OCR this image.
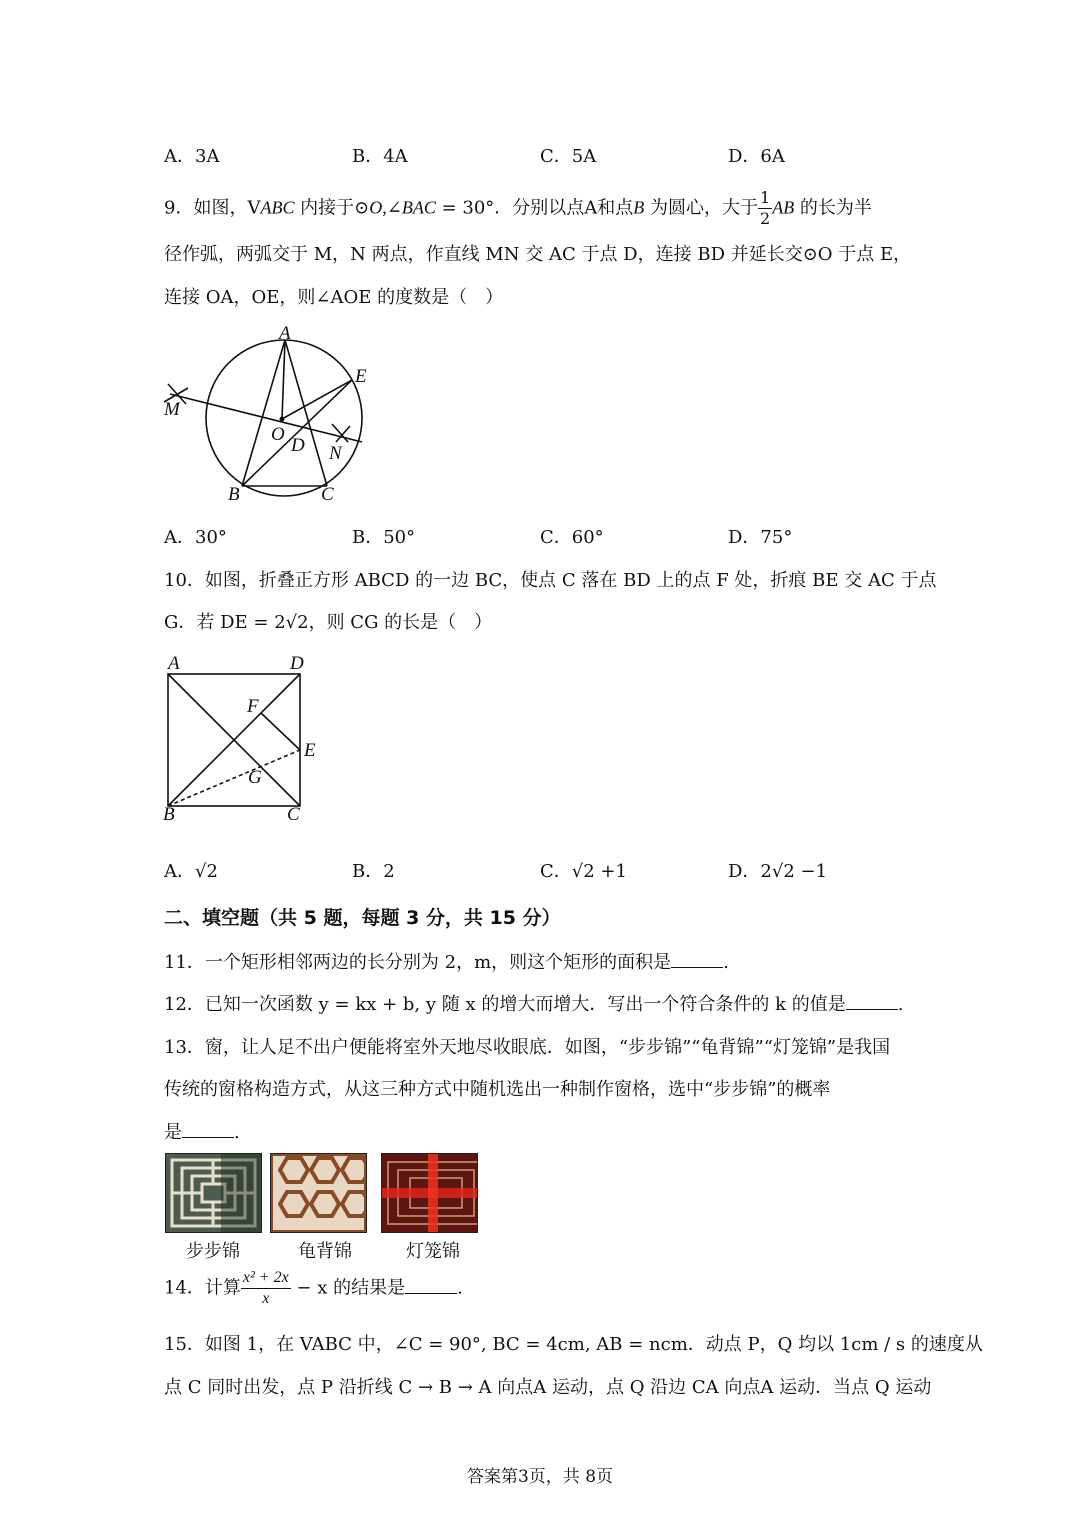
A．3A	B．4A	C．5A	D．6A
9．如图，VABC 内接于⊙O,∠BAC = 30°．分别以点A和点B 为圆心，大于 $\frac{1}{2}$ AB 的长为半
径作弧，两弧交于 M，N 两点，作直线 MN 交 AC 于点 D，连接 BD 并延长交⊙O 于点 E，
连接 OA，OE，则∠AOE 的度数是（　）
A
E
M
O
D N
B	C
A．30°	B．50°	C．60°	D．75°
10．如图，折叠正方形 ABCD 的一边 BC，使点 C 落在 BD 上的点 F 处，折痕 BE 交 AC 于点
G．若 DE = 2√2，则 CG 的长是（　）
A	D
F
E
G
B	C
A．√2	B．2	C．√2 +1	D．2√2 −1
二、填空题（共 5 题，每题 3 分，共 15 分）
11．一个矩形相邻两边的长分别为 2，m，则这个矩形的面积是	.
12．已知一次函数 y = kx + b, y 随 x 的增大而增大．写出一个符合条件的 k 的值是	.
13．窗，让人足不出户便能将室外天地尽收眼底．如图，“步步锦”“龟背锦”“灯笼锦”是我国
传统的窗格构造方式，从这三种方式中随机选出一种制作窗格，选中“步步锦”的概率
是	.
步步锦	龟背锦	灯笼锦
14．计算 $\frac{\text{x² + 2x}}{x} - x$ 的结果是	.
15．如图 1，在 VABC 中，∠C = 90°, BC = 4cm, AB = ncm．动点 P，Q 均以 1cm / s 的速度从
点 C 同时出发，点 P 沿折线 C → B → A 向点A 运动，点 Q 沿边 CA 向点A 运动．当点 Q 运动
答案第3页，共 8页
